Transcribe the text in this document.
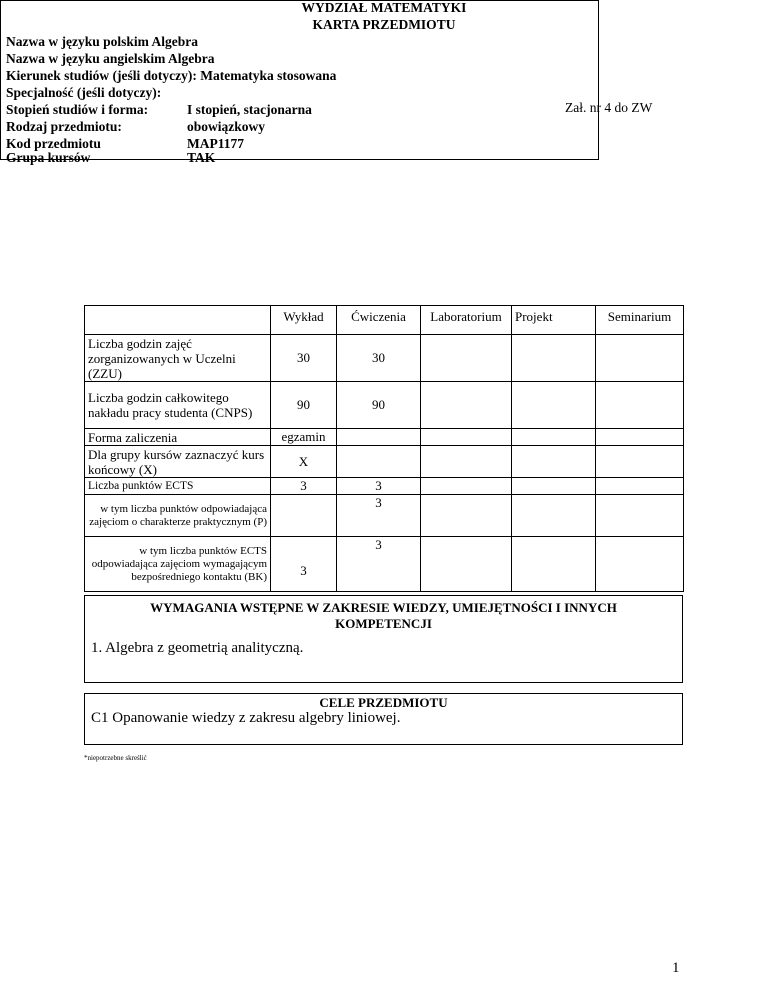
Zał. nr 4 do ZW
WYDZIAŁ MATEMATYKI
KARTA PRZEDMIOTU
Nazwa w języku polskim Algebra
Nazwa w języku angielskim Algebra
Kierunek studiów (jeśli dotyczy): Matematyka stosowana
Specjalność (jeśli dotyczy):
Stopień studiów i forma:	I stopień, stacjonarna
Rodzaj przedmiotu:	obowiązkowy
Kod przedmiotu	MAP1177
Grupa kursów	TAK
	Wykład	Ćwiczenia	Laboratorium	Projekt	Seminarium
Liczba godzin zajęć zorganizowanych w Uczelni (ZZU)	30	30			
Liczba godzin całkowitego nakładu pracy studenta (CNPS)	90	90			
Forma zaliczenia	egzamin				
Dla grupy kursów zaznaczyć kurs końcowy (X)	X				
Liczba punktów ECTS	3	3			
w tym liczba punktów odpowiadająca zajęciom o charakterze praktycznym (P)		3			
w tym liczba punktów ECTS odpowiadająca zajęciom wymagającym bezpośredniego kontaktu (BK)	3	3			
WYMAGANIA WSTĘPNE W ZAKRESIE WIEDZY, UMIEJĘTNOŚCI I INNYCH KOMPETENCJI
1. Algebra z geometrią analityczną.
CELE PRZEDMIOTU
C1 Opanowanie wiedzy z zakresu algebry liniowej.
*niepotrzebne skreślić
1
